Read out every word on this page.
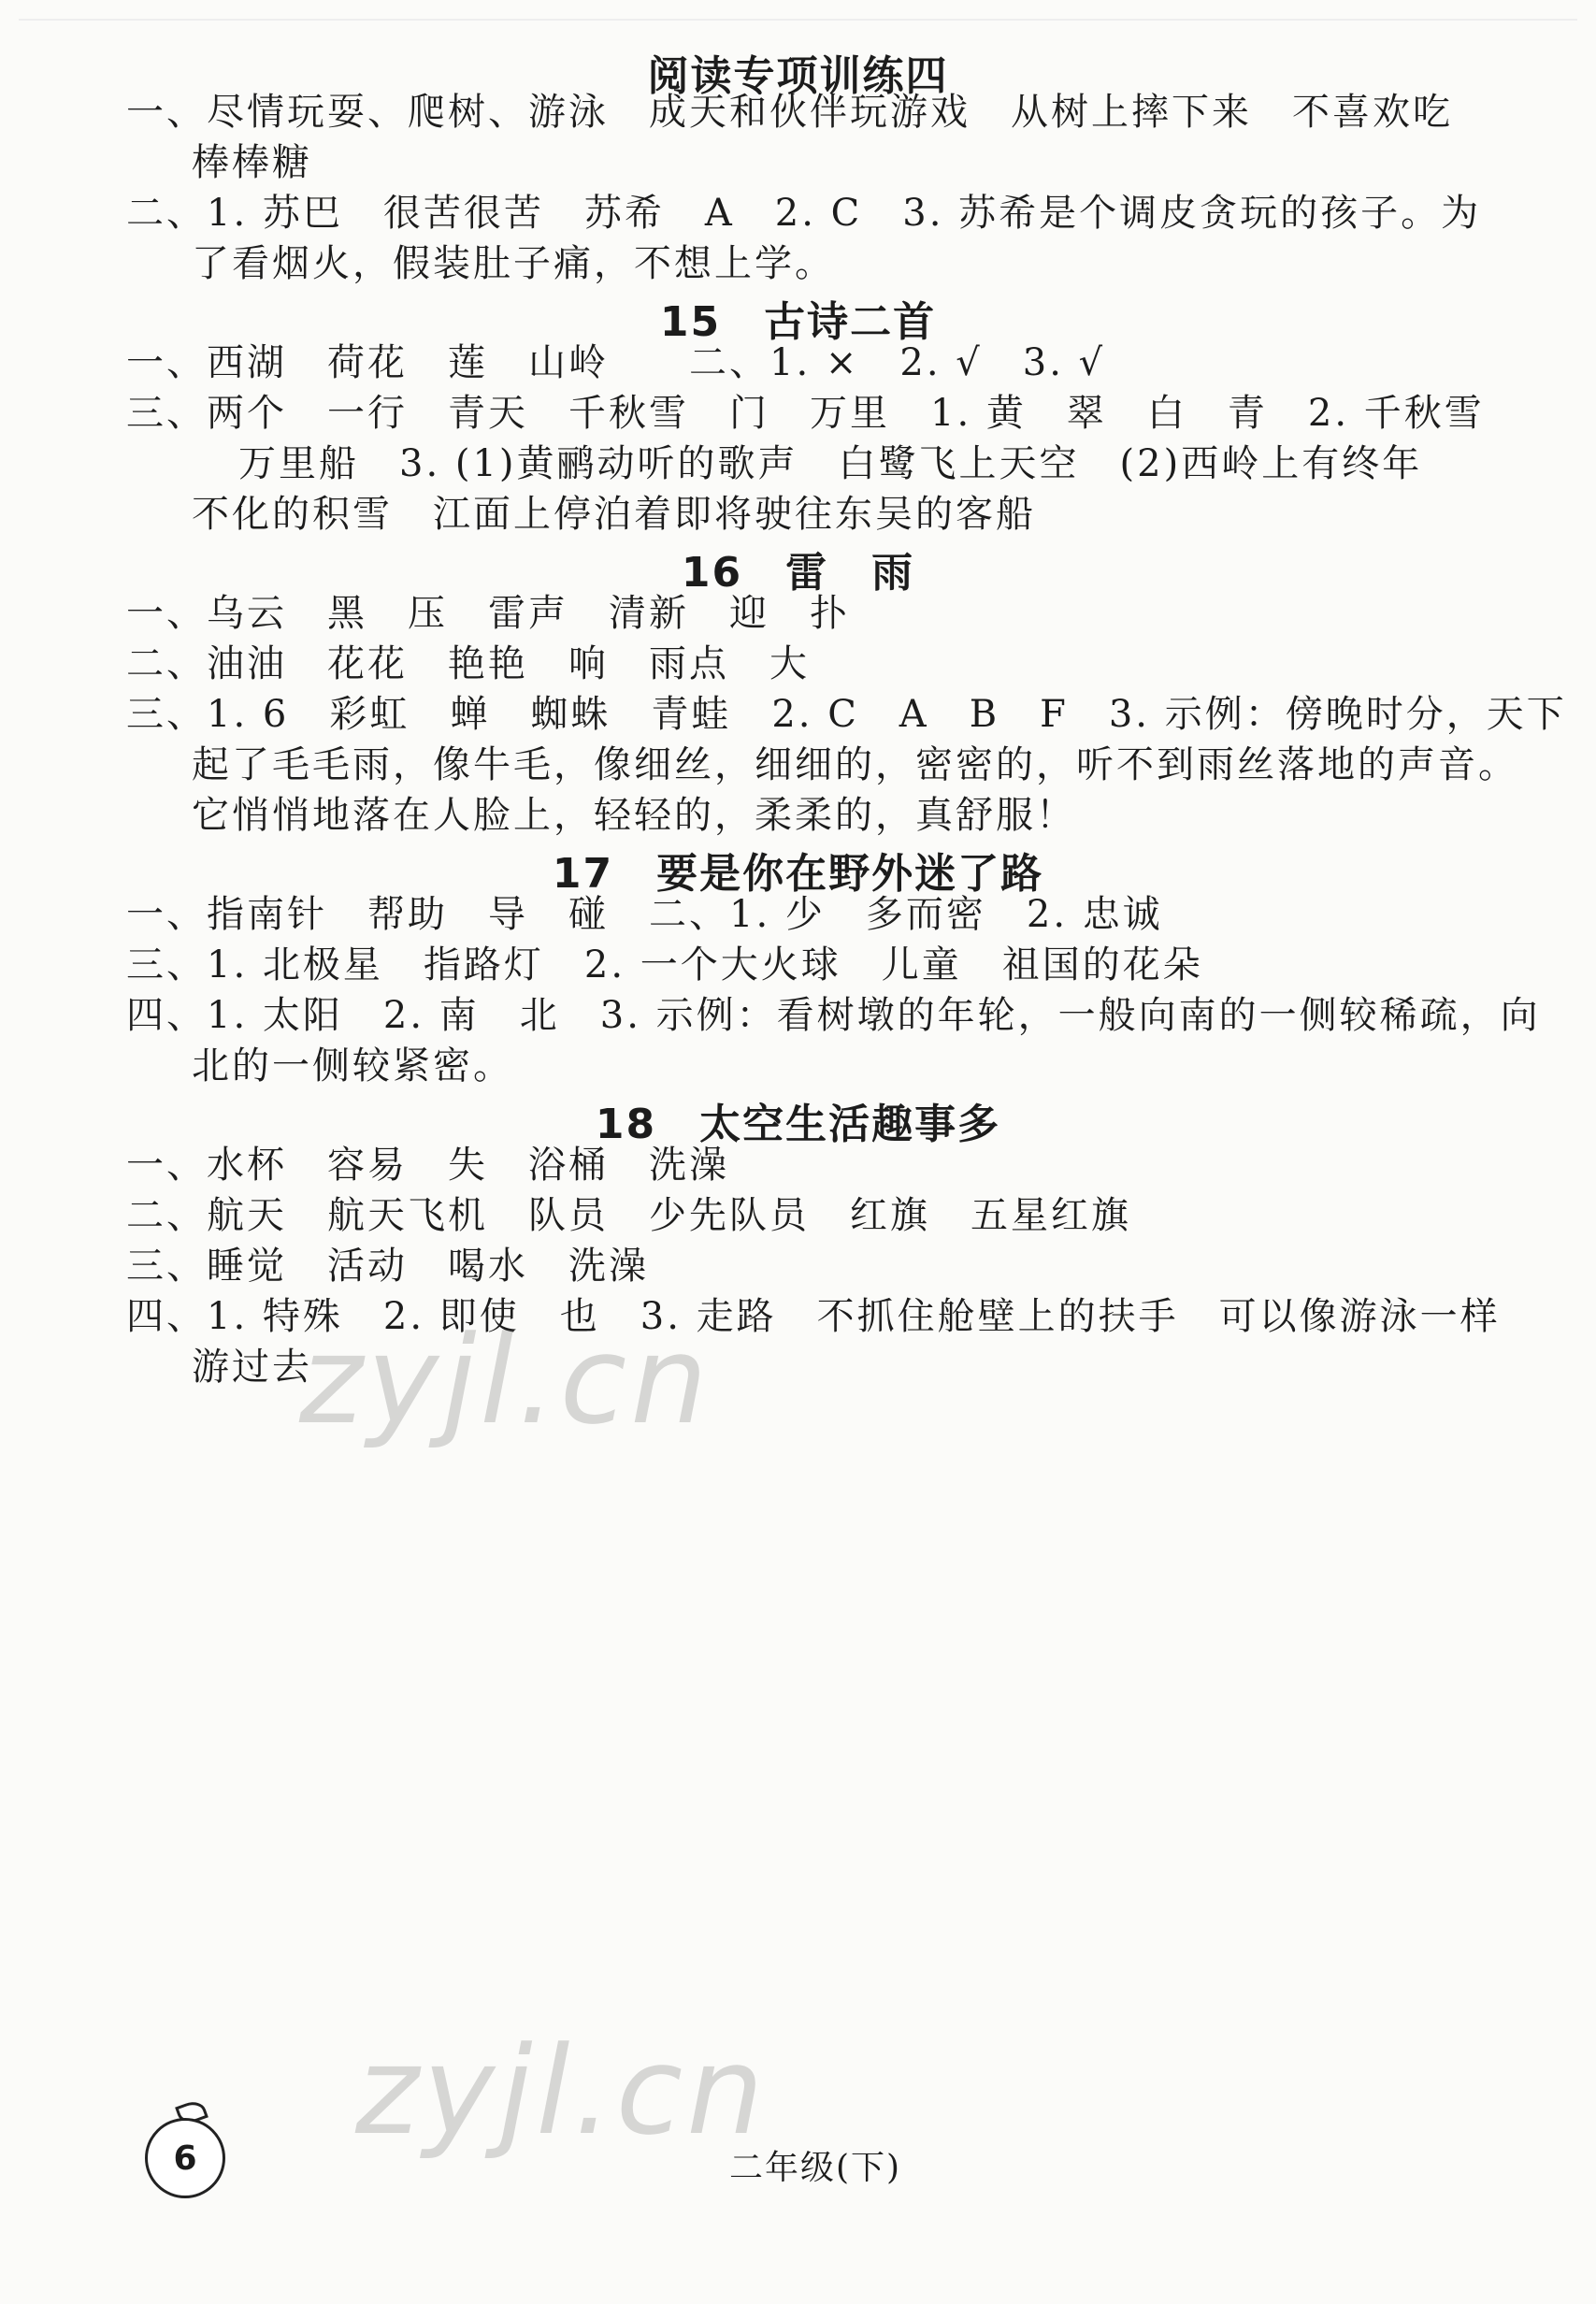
阅读专项训练四
一、尽情玩耍、爬树、游泳　成天和伙伴玩游戏　从树上摔下来　不喜欢吃
棒棒糖
二、1. 苏巴　很苦很苦　苏希　A　2. C　3. 苏希是个调皮贪玩的孩子。为
了看烟火，假装肚子痛，不想上学。
15　古诗二首
一、西湖　荷花　莲　山岭　　二、1. ×　2. √　3. √
三、两个　一行　青天　千秋雪　门　万里　1. 黄　翠　白　青　2. 千秋雪
万里船　3. (1)黄鹂动听的歌声　白鹭飞上天空　(2)西岭上有终年
不化的积雪　江面上停泊着即将驶往东吴的客船
16　雷　雨
一、乌云　黑　压　雷声　清新　迎　扑
二、油油　花花　艳艳　响　雨点　大
三、1. 6　彩虹　蝉　蜘蛛　青蛙　2. C　A　B　F　3. 示例：傍晚时分，天下
起了毛毛雨，像牛毛，像细丝，细细的，密密的，听不到雨丝落地的声音。
它悄悄地落在人脸上，轻轻的，柔柔的，真舒服！
17　要是你在野外迷了路
一、指南针　帮助　导　碰　二、1. 少　多而密　2. 忠诚
三、1. 北极星　指路灯　2. 一个大火球　儿童　祖国的花朵
四、1. 太阳　2. 南　北　3. 示例：看树墩的年轮，一般向南的一侧较稀疏，向
北的一侧较紧密。
18　太空生活趣事多
一、水杯　容易　失　浴桶　洗澡
二、航天　航天飞机　队员　少先队员　红旗　五星红旗
三、睡觉　活动　喝水　洗澡
四、1. 特殊　2. 即使　也　3. 走路　不抓住舱壁上的扶手　可以像游泳一样
游过去
zyjl.cn
zyjl.cn
6	二年级(下)
